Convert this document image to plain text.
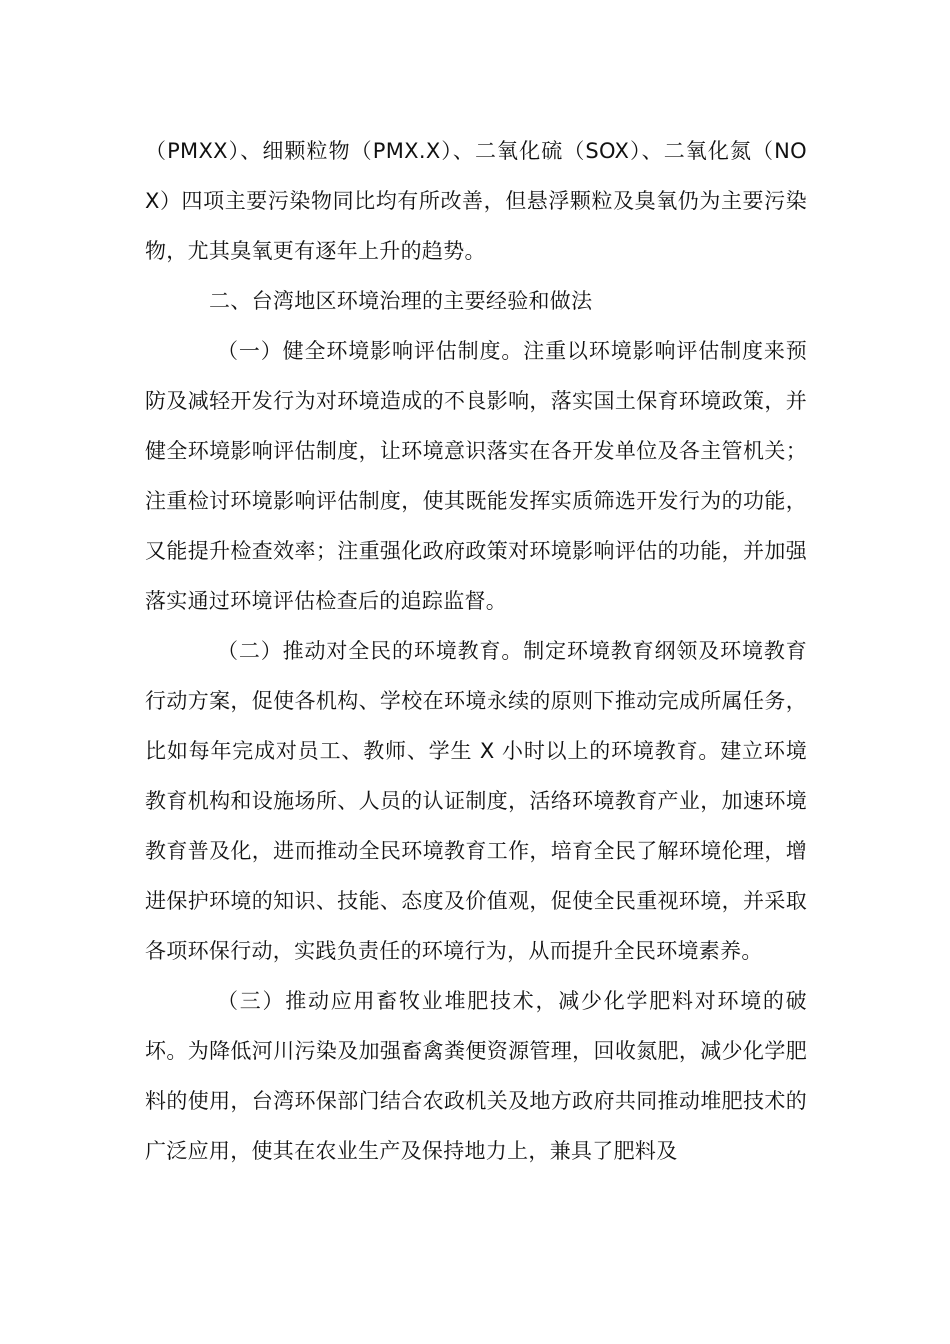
（PMXX）、细颗粒物（PMX.X）、二氧化硫（SOX）、二氧化氮（NOX）四项主要污染物同比均有所改善，但悬浮颗粒及臭氧仍为主要污染物，尤其臭氧更有逐年上升的趋势。

二、台湾地区环境治理的主要经验和做法

（一）健全环境影响评估制度。注重以环境影响评估制度来预防及减轻开发行为对环境造成的不良影响，落实国土保育环境政策，并健全环境影响评估制度，让环境意识落实在各开发单位及各主管机关；注重检讨环境影响评估制度，使其既能发挥实质筛选开发行为的功能，又能提升检查效率；注重强化政府政策对环境影响评估的功能，并加强落实通过环境评估检查后的追踪监督。

（二）推动对全民的环境教育。制定环境教育纲领及环境教育行动方案，促使各机构、学校在环境永续的原则下推动完成所属任务，比如每年完成对员工、教师、学生 X 小时以上的环境教育。建立环境教育机构和设施场所、人员的认证制度，活络环境教育产业，加速环境教育普及化，进而推动全民环境教育工作，培育全民了解环境伦理，增进保护环境的知识、技能、态度及价值观，促使全民重视环境，并采取各项环保行动，实践负责任的环境行为，从而提升全民环境素养。

（三）推动应用畜牧业堆肥技术，减少化学肥料对环境的破坏。为降低河川污染及加强畜禽粪便资源管理，回收氮肥，减少化学肥料的使用，台湾环保部门结合农政机关及地方政府共同推动堆肥技术的广泛应用，使其在农业生产及保持地力上，兼具了肥料及
